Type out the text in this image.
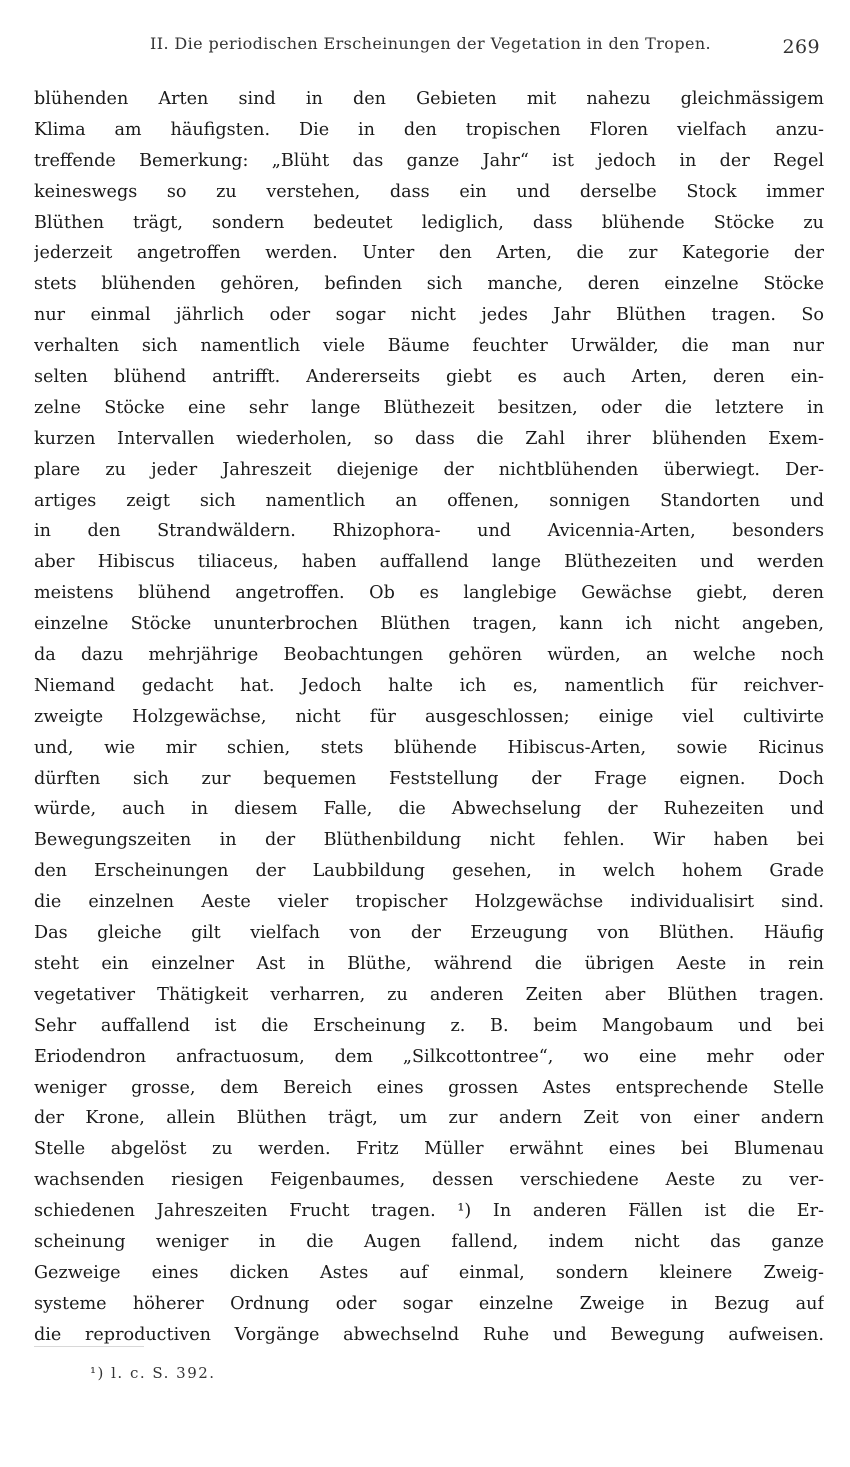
II. Die periodischen Erscheinungen der Vegetation in den Tropen.	269
blühenden Arten sind in den Gebieten mit nahezu gleichmässigem
Klima am häufigsten. Die in den tropischen Floren vielfach anzu-
treffende Bemerkung: „Blüht das ganze Jahr“ ist jedoch in der Regel
keineswegs so zu verstehen, dass ein und derselbe Stock immer
Blüthen trägt, sondern bedeutet lediglich, dass blühende Stöcke zu
jederzeit angetroffen werden. Unter den Arten, die zur Kategorie der
stets blühenden gehören, befinden sich manche, deren einzelne Stöcke
nur einmal jährlich oder sogar nicht jedes Jahr Blüthen tragen. So
verhalten sich namentlich viele Bäume feuchter Urwälder, die man nur
selten blühend antrifft. Andererseits giebt es auch Arten, deren ein-
zelne Stöcke eine sehr lange Blüthezeit besitzen, oder die letztere in
kurzen Intervallen wiederholen, so dass die Zahl ihrer blühenden Exem-
plare zu jeder Jahreszeit diejenige der nichtblühenden überwiegt. Der-
artiges zeigt sich namentlich an offenen, sonnigen Standorten und
in den Strandwäldern. Rhizophora- und Avicennia-Arten, besonders
aber Hibiscus tiliaceus, haben auffallend lange Blüthezeiten und werden
meistens blühend angetroffen. Ob es langlebige Gewächse giebt, deren
einzelne Stöcke ununterbrochen Blüthen tragen, kann ich nicht angeben,
da dazu mehrjährige Beobachtungen gehören würden, an welche noch
Niemand gedacht hat. Jedoch halte ich es, namentlich für reichver-
zweigte Holzgewächse, nicht für ausgeschlossen; einige viel cultivirte
und, wie mir schien, stets blühende Hibiscus-Arten, sowie Ricinus
dürften sich zur bequemen Feststellung der Frage eignen. Doch
würde, auch in diesem Falle, die Abwechselung der Ruhezeiten und
Bewegungszeiten in der Blüthenbildung nicht fehlen. Wir haben bei
den Erscheinungen der Laubbildung gesehen, in welch hohem Grade
die einzelnen Aeste vieler tropischer Holzgewächse individualisirt sind.
Das gleiche gilt vielfach von der Erzeugung von Blüthen. Häufig
steht ein einzelner Ast in Blüthe, während die übrigen Aeste in rein
vegetativer Thätigkeit verharren, zu anderen Zeiten aber Blüthen tragen.
Sehr auffallend ist die Erscheinung z. B. beim Mangobaum und bei
Eriodendron anfractuosum, dem „Silkcottontree“, wo eine mehr oder
weniger grosse, dem Bereich eines grossen Astes entsprechende Stelle
der Krone, allein Blüthen trägt, um zur andern Zeit von einer andern
Stelle abgelöst zu werden. Fritz Müller erwähnt eines bei Blumenau
wachsenden riesigen Feigenbaumes, dessen verschiedene Aeste zu ver-
schiedenen Jahreszeiten Frucht tragen. ¹) In anderen Fällen ist die Er-
scheinung weniger in die Augen fallend, indem nicht das ganze
Gezweige eines dicken Astes auf einmal, sondern kleinere Zweig-
systeme höherer Ordnung oder sogar einzelne Zweige in Bezug auf
die reproductiven Vorgänge abwechselnd Ruhe und Bewegung aufweisen.
¹) l. c. S. 392.
